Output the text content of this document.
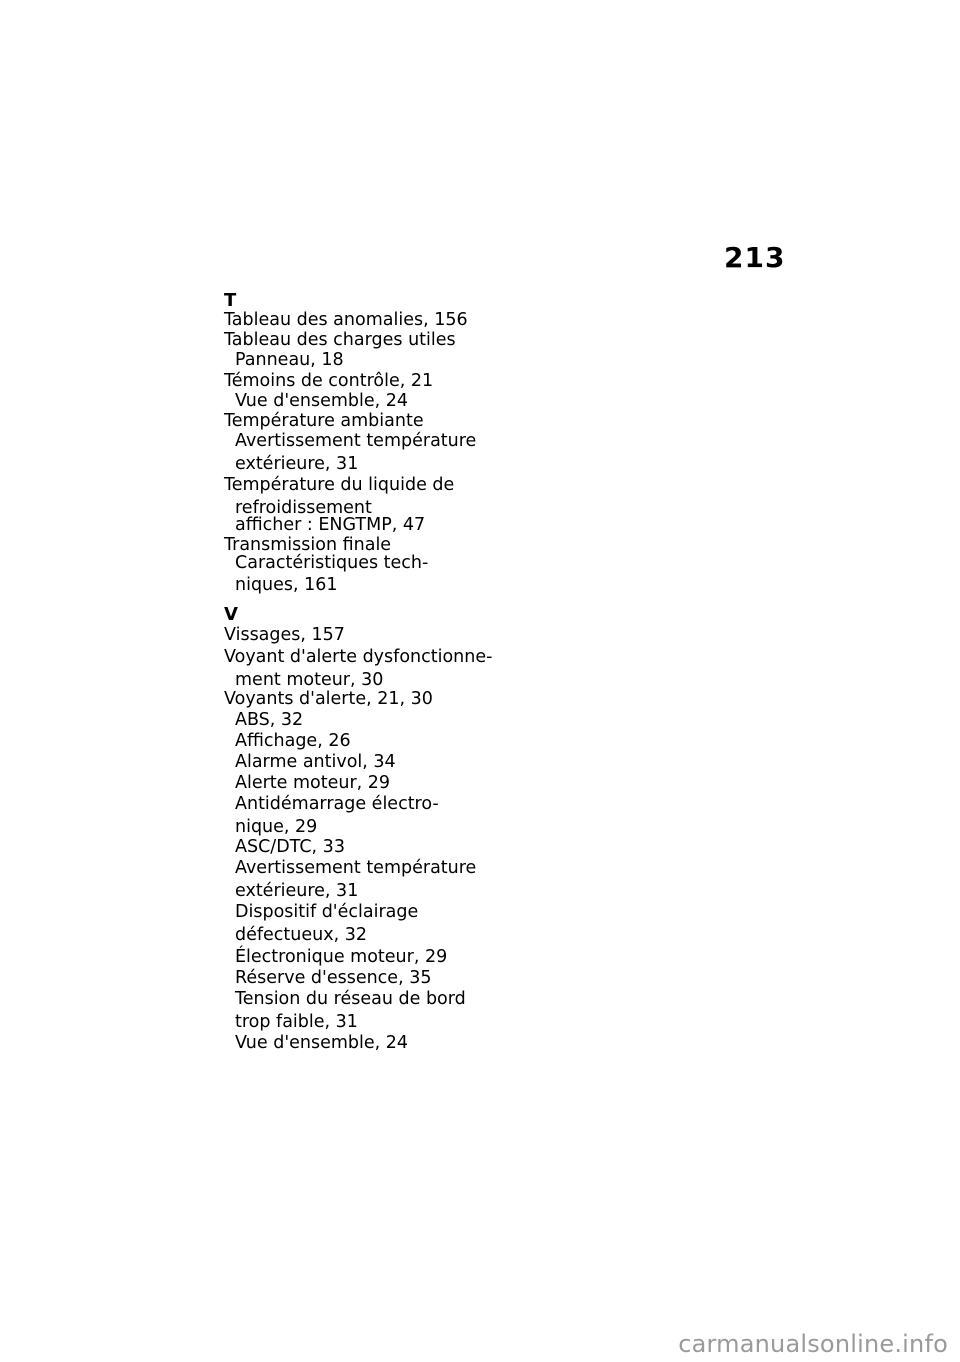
213
T
Tableau des anomalies, 156
Tableau des charges utiles
Panneau, 18
Témoins de contrôle, 21
Vue d'ensemble, 24
Température ambiante
Avertissement température
extérieure, 31
Température du liquide de
refroidissement
afficher : ENGTMP, 47
Transmission finale
Caractéristiques tech-
niques, 161
V
Vissages, 157
Voyant d'alerte dysfonctionne-
ment moteur, 30
Voyants d'alerte, 21, 30
ABS, 32
Affichage, 26
Alarme antivol, 34
Alerte moteur, 29
Antidémarrage électro-
nique, 29
ASC/DTC, 33
Avertissement température
extérieure, 31
Dispositif d'éclairage
défectueux, 32
Électronique moteur, 29
Réserve d'essence, 35
Tension du réseau de bord
trop faible, 31
Vue d'ensemble, 24
carmanualsonline.info
